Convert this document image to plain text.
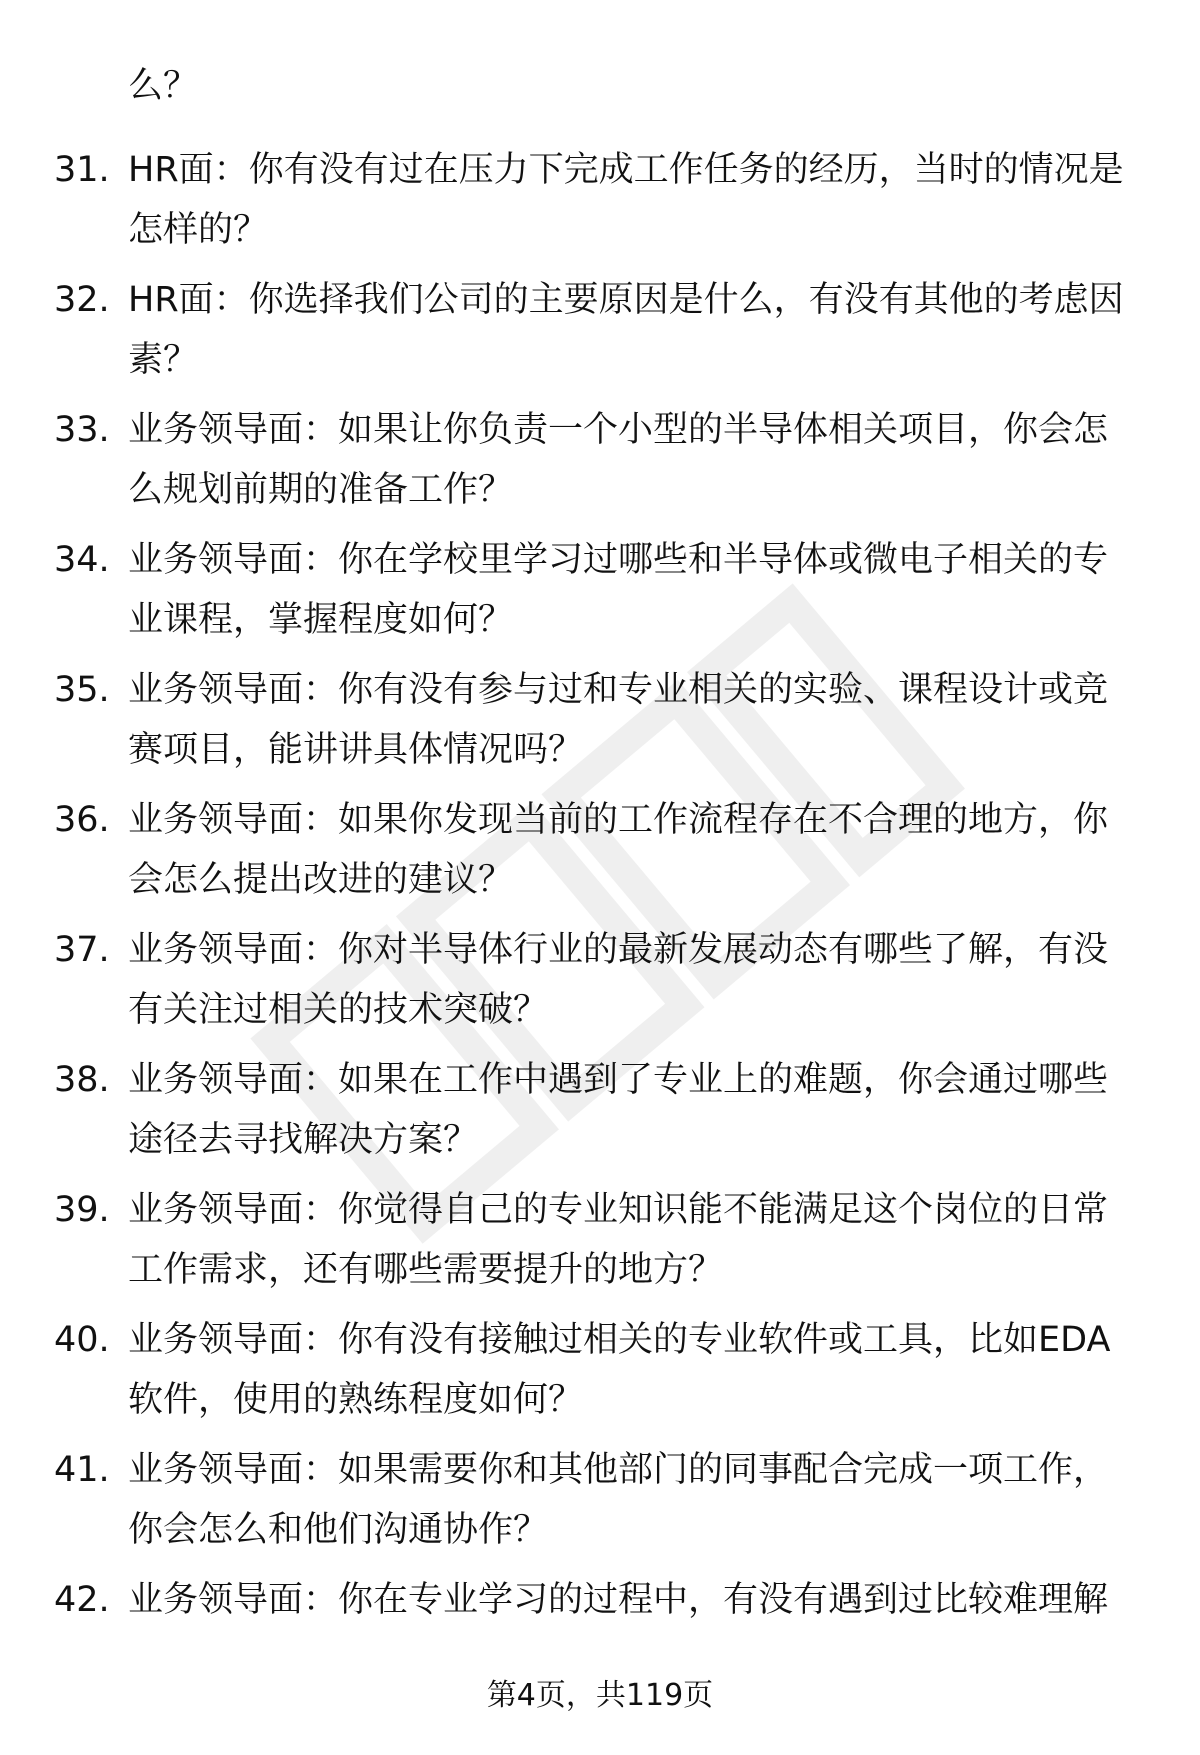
么？
31. HR面：你有没有过在压力下完成工作任务的经历，当时的情况是
怎样的？
32. HR面：你选择我们公司的主要原因是什么，有没有其他的考虑因
素？
33. 业务领导面：如果让你负责一个小型的半导体相关项目，你会怎
么规划前期的准备工作？
34. 业务领导面：你在学校里学习过哪些和半导体或微电子相关的专
业课程，掌握程度如何？
35. 业务领导面：你有没有参与过和专业相关的实验、课程设计或竞
赛项目，能讲讲具体情况吗？
36. 业务领导面：如果你发现当前的工作流程存在不合理的地方，你
会怎么提出改进的建议？
37. 业务领导面：你对半导体行业的最新发展动态有哪些了解，有没
有关注过相关的技术突破？
38. 业务领导面：如果在工作中遇到了专业上的难题，你会通过哪些
途径去寻找解决方案？
39. 业务领导面：你觉得自己的专业知识能不能满足这个岗位的日常
工作需求，还有哪些需要提升的地方？
40. 业务领导面：你有没有接触过相关的专业软件或工具，比如EDA
软件，使用的熟练程度如何？
41. 业务领导面：如果需要你和其他部门的同事配合完成一项工作，
你会怎么和他们沟通协作？
42. 业务领导面：你在专业学习的过程中，有没有遇到过比较难理解
第4页，共119页
